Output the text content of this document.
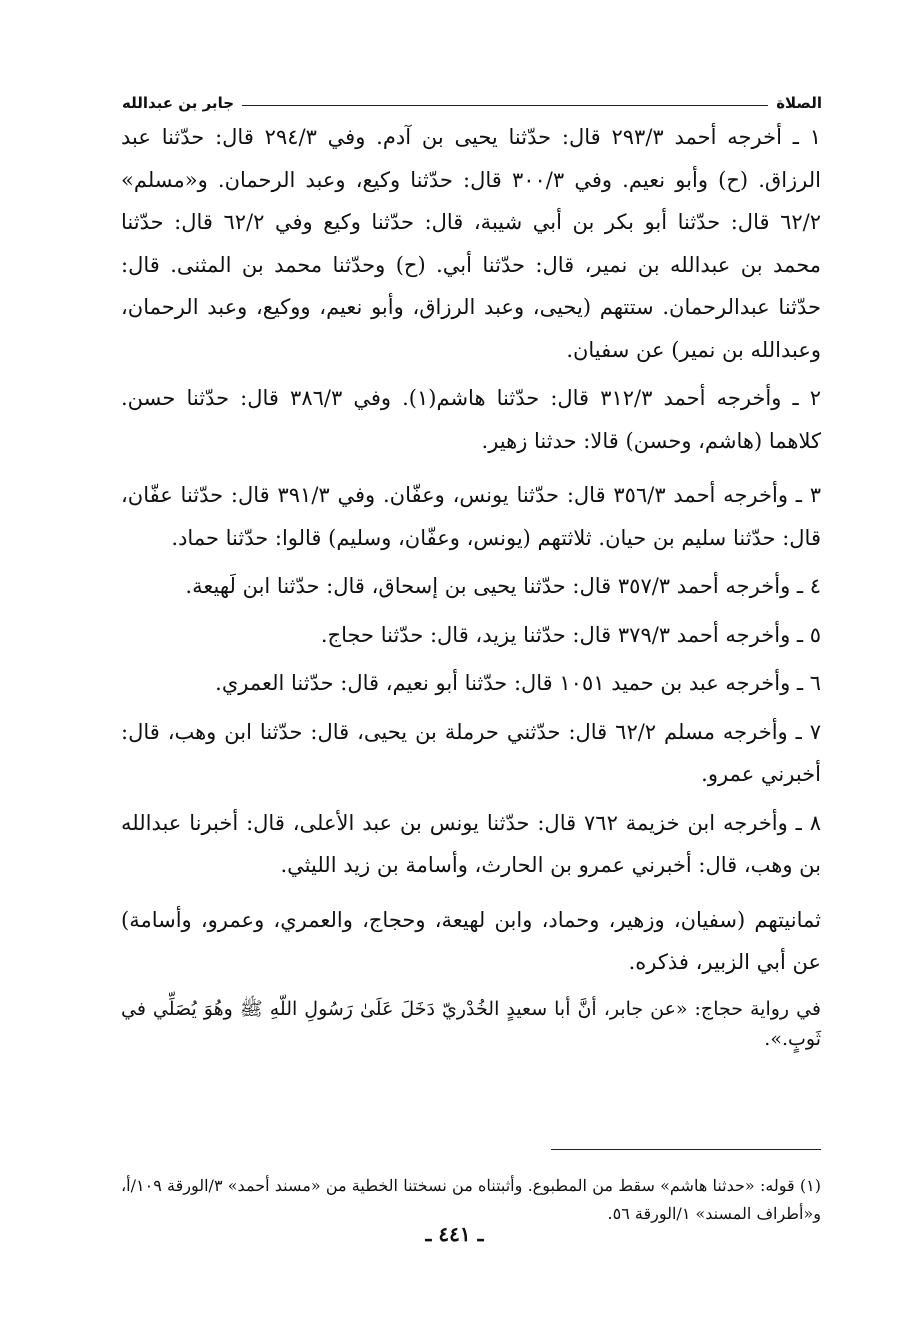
الصلاة
جابر بن عبدالله

١ ـ أخرجه أحمد ٢٩٣/٣ قال: حدّثنا يحيى بن آدم. وفي ٢٩٤/٣ قال: حدّثنا عبد الرزاق. (ح) وأبو نعيم. وفي ٣٠٠/٣ قال: حدّثنا وكيع، وعبد الرحمان. و«مسلم» ٦٢/٢ قال: حدّثنا أبو بكر بن أبي شيبة، قال: حدّثنا وكيع وفي ٦٢/٢ قال: حدّثنا محمد بن عبدالله بن نمير، قال: حدّثنا أبي. (ح) وحدّثنا محمد بن المثنى. قال: حدّثنا عبدالرحمان. ستتهم (يحيى، وعبد الرزاق، وأبو نعيم، ووكيع، وعبد الرحمان، وعبدالله بن نمير) عن سفيان.

٢ ـ وأخرجه أحمد ٣١٢/٣ قال: حدّثنا هاشم(١). وفي ٣٨٦/٣ قال: حدّثنا حسن. كلاهما (هاشم، وحسن) قالا: حدثنا زهير.

٣ ـ وأخرجه أحمد ٣٥٦/٣ قال: حدّثنا يونس، وعفّان. وفي ٣٩١/٣ قال: حدّثنا عفّان، قال: حدّثنا سليم بن حيان. ثلاثتهم (يونس، وعفّان، وسليم) قالوا: حدّثنا حماد.

٤ ـ وأخرجه أحمد ٣٥٧/٣ قال: حدّثنا يحيى بن إسحاق، قال: حدّثنا ابن لَهيعة.

٥ ـ وأخرجه أحمد ٣٧٩/٣ قال: حدّثنا يزيد، قال: حدّثنا حجاج.

٦ ـ وأخرجه عبد بن حميد ١٠٥١ قال: حدّثنا أبو نعيم، قال: حدّثنا العمري.

٧ ـ وأخرجه مسلم ٦٢/٢ قال: حدّثني حرملة بن يحيى، قال: حدّثنا ابن وهب، قال: أخبرني عمرو.

٨ ـ وأخرجه ابن خزيمة ٧٦٢ قال: حدّثنا يونس بن عبد الأعلى، قال: أخبرنا عبدالله بن وهب، قال: أخبرني عمرو بن الحارث، وأسامة بن زيد الليثي.

ثمانيتهم (سفيان، وزهير، وحماد، وابن لهيعة، وحجاج، والعمري، وعمرو، وأسامة) عن أبي الزبير، فذكره.

في رواية حجاج: «عن جابر، أنَّ أبا سعيدٍ الخُدْريّ دَخَلَ عَلَىٰ رَسُولِ اللّهِ ﷺ وهُوَ يُصَلِّي في ثَوبٍ.».

(١) قوله: «حدثنا هاشم» سقط من المطبوع. وأثبتناه من نسختنا الخطية من «مسند أحمد» ٣/الورقة ١٠٩/أ، و«أطراف المسند» ١/الورقة ٥٦.

ـ ٤٤١ ـ
